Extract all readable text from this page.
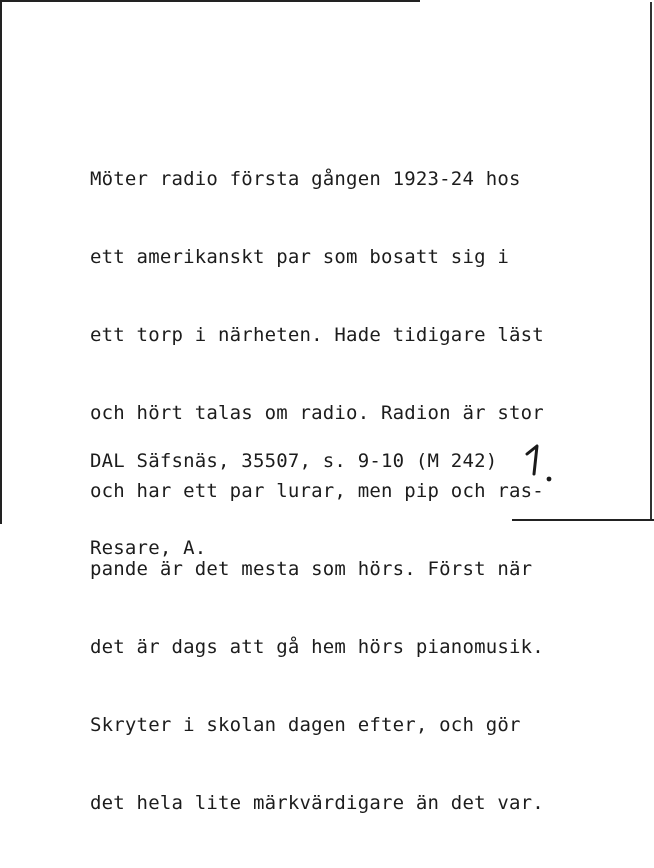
Möter radio första gången 1923-24 hos

ett amerikanskt par som bosatt sig i

ett torp i närheten. Hade tidigare läst

och hört talas om radio. Radion är stor

och har ett par lurar, men pip och ras-

pande är det mesta som hörs. Först när

det är dags att gå hem hörs pianomusik.

Skryter i skolan dagen efter, och gör

det hela lite märkvärdigare än det var.

DAL Säfsnäs, 35507, s. 9-10 (M 242)

Resare, A.
